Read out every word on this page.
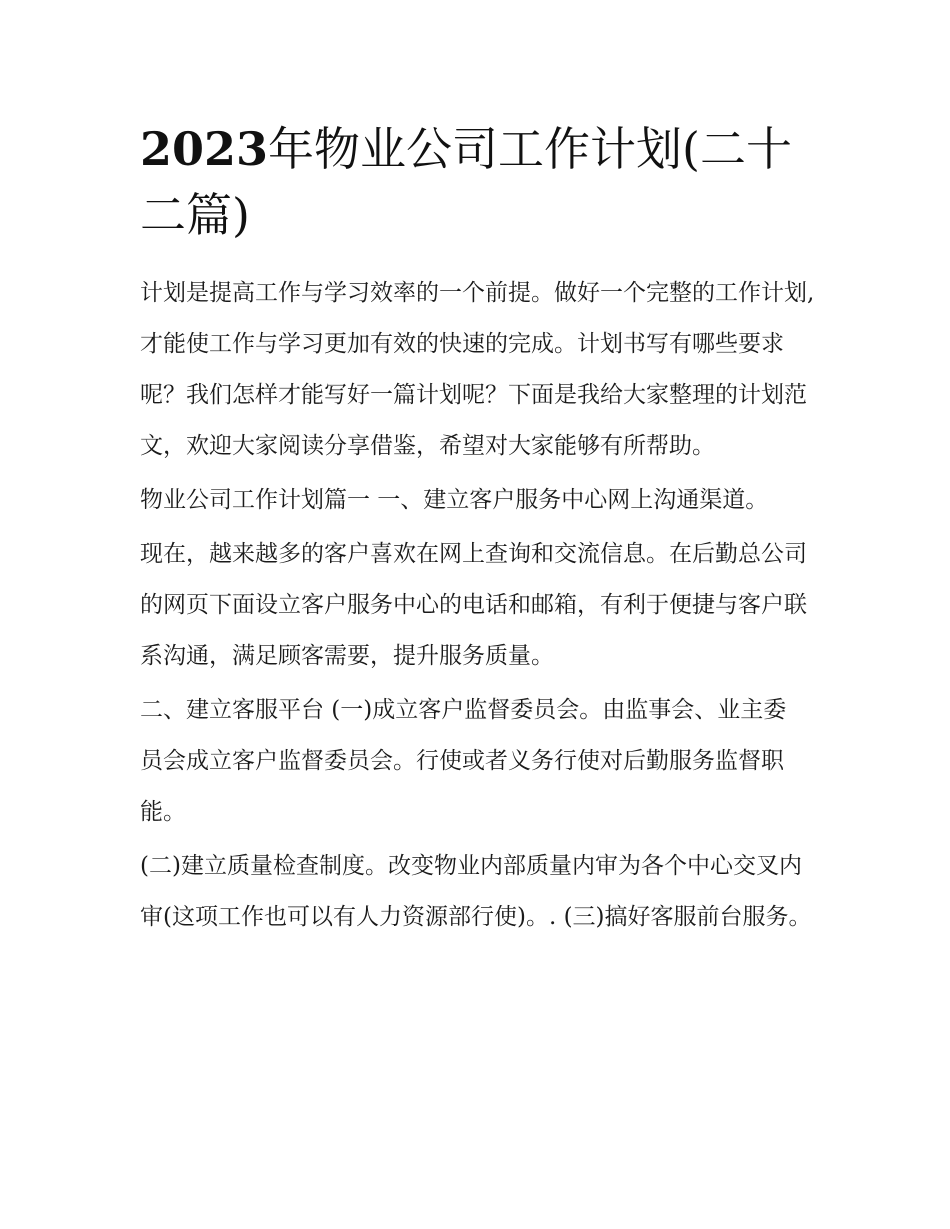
2023年物业公司工作计划(二十二篇)

计划是提高工作与学习效率的一个前提。做好一个完整的工作计划,才能使工作与学习更加有效的快速的完成。计划书写有哪些要求呢？我们怎样才能写好一篇计划呢？下面是我给大家整理的计划范文，欢迎大家阅读分享借鉴，希望对大家能够有所帮助。

物业公司工作计划篇一 一、建立客户服务中心网上沟通渠道。

现在，越来越多的客户喜欢在网上查询和交流信息。在后勤总公司的网页下面设立客户服务中心的电话和邮箱，有利于便捷与客户联系沟通，满足顾客需要，提升服务质量。

二、建立客服平台 (一)成立客户监督委员会。由监事会、业主委员会成立客户监督委员会。行使或者义务行使对后勤服务监督职能。

(二)建立质量检查制度。改变物业内部质量内审为各个中心交叉内审(这项工作也可以有人力资源部行使)。. (三)搞好客服前台服务。
